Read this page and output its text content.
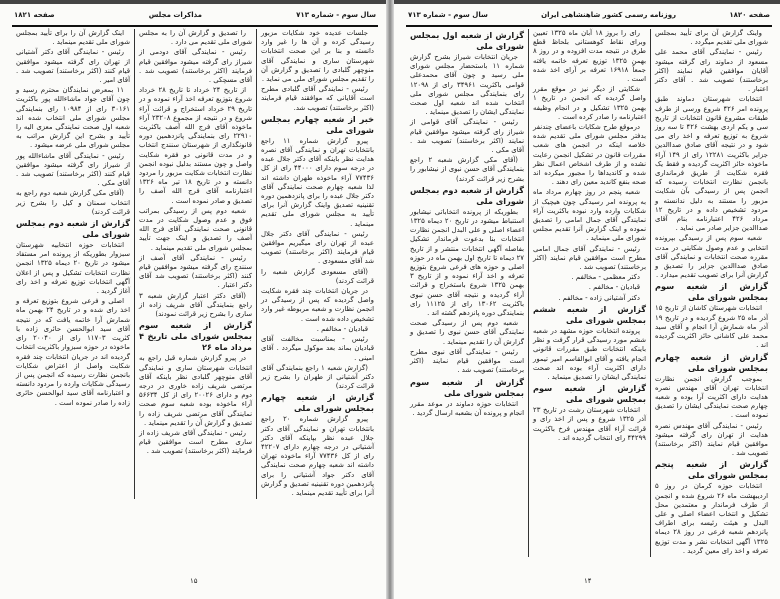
سال سوم - شماره ۷۱۳
مذاکرات مجلس
صفحه ۱۸۲۱

جلسات عدیده خود شکایات مزبور رسیدگی کرده و آن ها را غیر وارد دانسته و بنا بر این صحت انتخابات شهرستان ساری و نمایندگی آقای منوچهر گلبادی را تصدیق و گزارش آن را تقدیم مجلس شورای ملی می نماید .

رئیس - نمایندگی آقای گلبادی مطرح است آقایانی که موافقند قیام فرمایند (اکثر برخاستند) تصویب شد.

خبر از شعبه چهارم بمجلس شورای ملی

پیرو گزارش شماره ۱۱ راجع بانتخابات تهران و نمایندگی آقای نصره هدایت نظر باینکه آقای دکتر جلال عبده در درجه سوم دارای ۴۴۰۰۰ رای از کل ۷۷۴۳۶ آراء ماخوذه طهران داشته اند لذا شعبه چهارم صحت نمایندگی آقای دکتر جلال عبده را برای پانزدهمین دوره تقنینیه تصدیق واینک گزارش آنرا برای تأیید به مجلس شورای ملی تقدیم مینماید .

رئیس - نمایندگی آقای دکتر جلال عبده از تهران رای میگیریم موافقین قیام فرمایند (اکثر برخاستند) تصویب شد آقای مسعودی .

(آقای مسعودی گزارش شعبه را قرائت کردند)

در جریان انتخابات چند فقره شکایت واصل گردیده که پس از رسیدگی در انجمن نظارت و شعبه مربوطه غیر وارد تشخیص داده شده است .

قبادیان - مخالفم .

رئیس - بمناسبت مخالفت آقای قبادیان بماند بعد موکول میگردد . آقای امینی .

(گزارش شعبه ۱ راجع بنمایندگی آقای دکتر آشتیانی از طهران را بشرح زیر قرائت کردند)

گزارش از شعبه چهارم بمجلس شورای ملی

پیرو گزارش شماره ۲۰ راجع بانتخابات تهران و نمایندگی آقای دکتر جلال عبده نظر بپاینکه آقای دکتر آشتیانی در درجه چهارم دارای ۴۲۲۰۷ رای از کل ۷۷۴۳۶ آراء ماخوذه تهران داشته اند شعبه چهارم صحت نمایندگی آقای دکتر جواد آشتیانی را برای پانزدهمین دوره تقنینیه تصدیق و گزارش آنرا برای تأیید تقدیم مینماید .

را تصدیق و گزارش آن را به مجلس شورای ملی تقدیم می دارد .

رئیس - نمایندگی آقای دودمی از شیراز رای گرفته میشود موافقین قیام فرمایند (اکثر برخاستند) تصویب شد . آقای مسچکی .

از تاریخ ۲۴ خرداد تا تاریخ ۲۸ خرداد شروع بتوزیع تعرفه اخذ آراء نموده و در تاریخ ۲۹ خرداد استخراج و قرائت آراء شروع و در نتیجه از مجموع ۲۳۲۰۸ آراء ماخوذه آقای فرج الله آصف باکثریت ۲۲۹۱۰ رای بنمایندگی پانزدهمین دوره قانونگذاری از شهرستان سنندج انتخاب و در مدت قانونی دو فقره شکایت واصل و چون مستند بدلیل نبوده انجمن نظارت انتخابات شکایت مزبور را مردود دانسته و در تاریخ ۱۸ تیر ماه ۱۳۲۶ اعتبارنامه آقای فرج الله آصف را تصدیق و صادر نموده است .

شعبه دوم پس از رسیدگی بمراتب فوق و عدم وصول شکایت در مدت قانونی صحت نمایندگی آقای فرج الله آصف را تصدیق و اینک جهت تأیید بمجلس شورای ملی تقدیم مینماید .

رئیس - نمایندگی آقای آصف از سنندج رای گرفته میشود موافقین قیام کنند (اکثر برخاستند) تصویب شد آقای دکتر اعتبار .

(آقای دکتر اعتبار گزارش شعبه ۳ راجع بنمایندگی آقای شریف زاده از ساری را بشرح زیر قرائت نمودند)

گزارش از شعبه سوم بمجلس شورای ملی تاریخ ۴ مرداد ماه ۲۶

در پیرو گزارش شماره قبل راجع به انتخابات شهرستان ساری و نمایندگی آقای منوچهر گلبادی نظر باینکه آقای مرتضی شریف زاده خاوری در درجه دوم و دارای ۲۰۰۲۶ رای از کل ۵۶۶۳۴ آراء ماخوذه بوده شعبه سوم صحت نمایندگی آقای مرتضی شریف زاده را تصدیق و گزارش آن را تقدیم مینماید .

رئیس - نمایندگی آقای شریف زاده از ساری مطرح است موافقین قیام فرمایند (اکثر برخاستند) تصویب شد .

اینک گزارش آن را برای تأیید بمجلس شورای ملی تقدیم مینماید .

رئیس - نمایندگی آقای دکتر آشتیانی از تهران رای گرفته میشود موافقین قیام کنند (اکثر برخاستند) تصویب شد . آقای امیر .

۱۱ بمعرض نمایندگان محترم رسید و چون آقای جواد ماشاءالله پور باکثریت ۳۰۱۶۱ رای از ۱۰۹۸۴ رای بنمایندگی مجلس شورای ملی انتخاب شده اند شعبه اول صحت نمایندگی معزی الیه را تأیید و بشرح این گزارش مراتب به مجلس شورای ملی عرضه میشود .

رئیس - نمایندگی آقای ماشاءالله پور از شیراز رای گرفته میشود موافقین قیام کنند (اکثر برخاستند) تصویب شد . آقای مکی .

(آقای مکی گزارش شعبه دوم راجع به انتخاب سمنان و کیل را بشرح زیر قرائت کردند)

گزارش از شعبه دوم بمجلس شورای ملی

انتخابات حوزه انتخابیه شهرستان سبزوار بطوریکه از پرونده امر مستفاد میشود در تاریخ ۲۰ دیماه ۱۳۲۵ انجمن نظارت انتخابات تشکیل و پس از اعلان آگهی انتخابات توزیع تعرفه و اخذ رای آغاز گردید .

اصلی و فرعی شروع بتوزیع تعرفه و اخذ رای شده و در تاریخ ۲۴ بهمن ماه شمارش آرا خاتمه یافت که در نتیجه آقای سید ابوالحسن حائری زاده با کثریت ۱۱۷۰۳ رای از ۲۰۰۴۰ رای ماخوذه در حوزه سبزوار باکثریت انتخاب گردیده اند در جریان انتخابات چند فقره شکایت واصل از اعتراض شکایات بانجمن نظارت رسیده که انجمن پس از رسیدگی شکایات وارده را مردود دانسته و اعتبارنامه آقای سید ابوالحسن حائری زاده را صادر نموده است .

۱۵
صفحه ۱۸۲۰
روزنامه رسمی کشور شاهنشاهی ایران
سال سوم - شماره ۷۱۳

واینک گزارش آن برای تأیید بمجلس شورای ملی تقدیم میگردد .

رئیس - نمایندگی آقای محمد علی مسعود از دماوند رای گرفته میشود آقایان موافقین قیام نمایند (اکثر برخاستند) تصویب شد . آقای دکتر اعتبار .

انتخابات شهرستان دماوند طبق پرونده امر ۴۲۶ شروع ورسی از طرف طبقات مشروع قانون انتخابات از تاریخ سی و یکم اردی بهشت ۴۲۶ تا سه روز شروع به توزیع تعرفه و اخذ رای می شود و در نتیجه آقای صادق صداالدین جزایر باکثریت ۱۲۲۸۱ رای از ۱۴۹ آراء ماخوذه حائز اکثریت گردیده و فقط یک فقره شکایت از طریق فرمانداری بانجمن نظارت انتخابات رسیده که انجمن پس از رسیدگی بآن شکایت مزبور را مستند به دلیل ندانسته و مردود تشخیص داده و در تاریخ ۱۲ مرداد ۴۲۶ اعتبارنامه بنام آقای صداالدین جزایر صادر می نماید .

شعبه سوم پس از رسیدگی بپرونده انتخابی و عدم وصول شکایتی در مدت مقرره صحت انتخابات و نمایندگی آقای صادق صداالدین جزایر را تصدیق و گزارش آنرا برای تصویب تقدیم میدارد .

گزارش از شعبه سوم بمجلس شورای ملی

انتخابات شهرستان کاشان از تاریخ ۱۵ آذر ماه ۲۵ شروع گردیده و در تاریخ ۱۹ آذر ماه شمارش آرا انجام و آقای سید محمد علی کاشانی حائز اکثریت گردیده اند .

گزارش از شعبه چهارم بمجلس شورای ملی

بموجب گزارش انجمن نظارت انتخابات تهران آقای مهندس نصره هدایت دارای اکثریت آرا بوده و شعبه چهارم صحت نمایندگی ایشان را تصدیق نموده است .

رئیس - نمایندگی آقای مهندس نصره هدایت از تهران رای گرفته میشود موافقین قیام نمایند (اکثر برخاستند) تصویب شد .

گزارش از شعبه پنجم بمجلس شورای ملی

انتخابات حوزه کرمان در روز ۵ اردیبهشت ماه ۲۶ شروع شده و انجمن از طرف فرماندار و معتمدین محل تشکیل و انتخاب اعضاء اصلی و علی البدل و هیئت رئیسه برای اطراف پانزدهم شعبه فرعی در روز ۲۸ دیماه ۱۳۲۵ آگهی انتخابات نشر و مدت توزیع تعرفه و اخذ رای معین گردید .

رای را بروز ۱۸ آبان ماه ۱۳۲۵ تعیین وبرای نقاط کوهستانی بلحاظ قطع طرق در نتیجه مدت افزوده و در روز ۸ بهمن ۱۳۲۵ توزیع تعرفه خاتمه یافته جمعاً ۱۶۹۱۸ تعرفه بر آرای اخذ شده است .

شکایتی از دیگر نیز در موقع مقرر واصل گردیده که انجمن در تاریخ ۱ بهمن ۱۳۲۵ تشکیل و در انجام وظیفه اعتبارنامه را صادر کرده است .

درموقع طرح شکایات باعضای چندنفر بدفتر مجلس شورای ملی تقدیم شده خلاصه اینکه در انجمن های شعب مقررات قانون در تشکیل انجمن رعایت نشده و از طرف اشخاص اعمال نظر شده و کاندیداها را مجبور میکرده اند صحه بنفع کاندید معین رای دهند .

شعبه پنجم در روز چهارم مرداد ماه به پرونده امر رسیدگی چون هیچیک از شکایات وارده وارد نبوده باکثریت آراء نمایندگی آقای جمال امامی را تصدیق نموده و اینک گزارش آنرا تقدیم مجلس شورای ملی مینماید .

رئیس - نمایندگی آقای جمال امامی مطرح است موافقین قیام نمایند (اکثر برخاستند) تصویب شد .

دکتر معظمی - مخالفم .

قبادیان - مخالفم .

دکتر آشتیانی زاده - مخالفم .

گزارش از شعبه ششم بمجلس شورای ملی

پرونده انتخابات حوزه مشهد در شعبه ششم مورد رسیدگی قرار گرفت و نظر باینکه انتخابات طبق مقررات قانونی انجام یافته و آقای ابوالقاسم امیر تیمور دارای اکثریت آراء بوده اند صحت نمایندگی ایشان را تصدیق مینماید .

گزارش از شعبه سوم بمجلس شورای ملی

انتخابات شهرستان رشت در تاریخ ۲۳ آذر ۱۳۲۵ شروع و پس از اخذ رای و قرائت آراء آقای مهندس فرخ باکثریت ۴۴۲۹۹ رای انتخاب گردیده اند .

گزارش از شعبه اول بمجلس شورای ملی

جریان انتخابات شیراز بشرح گزارش شماره ۱۱ باستحضار مجلس شورای ملی رسید و چون آقای محمدعلی قوامی باکثریت ۳۴۹۶۱ رای از ۱۲۰۹۸ رای بنمایندگی مجلس شورای ملی انتخاب شده اند شعبه اول صحت نمایندگی ایشان را تصدیق مینماید .

رئیس - نمایندگی آقای قوامی از شیراز رای گرفته میشود موافقین قیام نمایند (اکثر برخاستند) تصویب شد . آقای مکی .

(آقای مکی گزارش شعبه ۲ راجع بنمایندگی آقای حسن نبوی از نیشابور را بشرح زیر قرائت کردند)

گزارش از شعبه دوم بمجلس شورای ملی

بطوریکه از پرونده انتخاباتی نیشابور استنباط میشود در تاریخ ۲۰ دیماه ۱۳۲۵ اعضاء اصلی و علی البدل انجمن نظارت انتخابات بنا بدعوت فرماندار تشکیل بفاصله آگهی انتخابات منتشر و از تاریخ ۲۷ دیماه تا تاریخ اول بهمن ماه در حوزه اصلی و حوزه های فرعی شروع بتوزیع تعرفه و اخذ آراء نموده و از تاریخ ۳ بهمن ۱۳۲۵ شروع باستخراج و قرائت آراء گردیده و نتیجه آقای حسن نبوی باکثریت ۱۳۰۶۲ رای از ۱۱۱۲۵ رای بنمایندگی دوره پانزدهم گشته اند .

شعبه دوم پس از رسیدگی صحت نمایندگی آقای حسن نبوی را تصدیق و گزارش آن را تقدیم مینماید .

رئیس - نمایندگی آقای نبوی مطرح است موافقین قیام نمایند (اکثر برخاستند) تصویب شد .

گزارش از شعبه سوم بمجلس شورای ملی

انتخابات حوزه دماوند در موعد مقرر انجام و پرونده آن بشعبه ارسال گردید .

۱۴
